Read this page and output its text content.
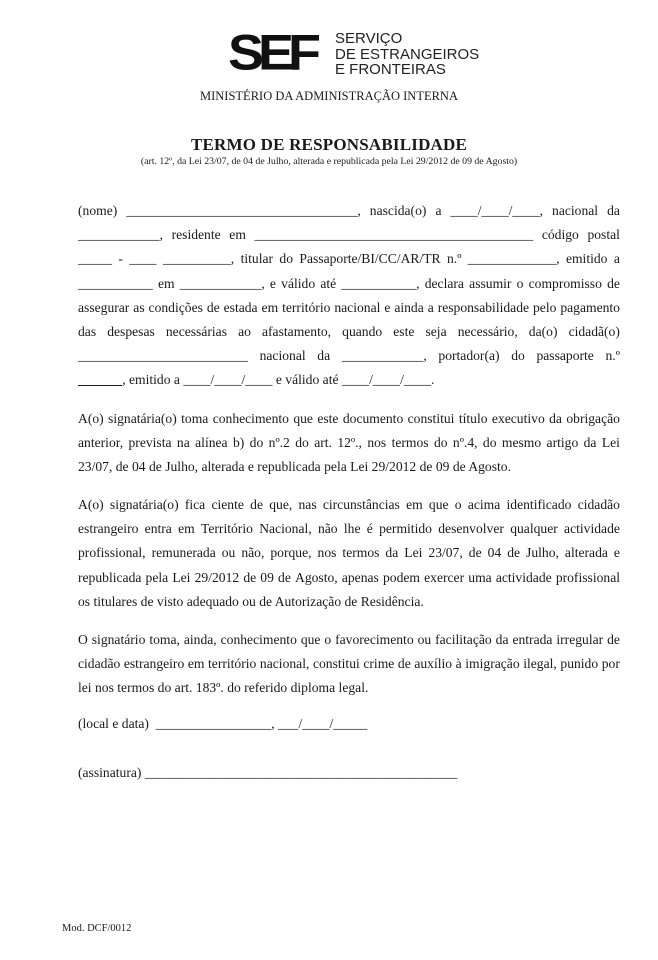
SEF SERVIÇO
DE ESTRANGEIROS
E FRONTEIRAS
MINISTÉRIO DA ADMINISTRAÇÃO INTERNA
TERMO DE RESPONSABILIDADE
(art. 12º, da Lei 23/07, de 04 de Julho, alterada e republicada pela Lei 29/2012 de 09 de Agosto)
(nome) __________________________________, nascida(o) a ____/____/____, nacional da
____________, residente em _________________________________________ código postal
_____ - ____ __________, titular do Passaporte/BI/CC/AR/TR n.º _____________, emitido a
___________ em ____________, e válido até ___________, declara assumir o compromisso de
assegurar as condições de estada em território nacional e ainda a responsabilidade pelo pagamento
das despesas necessárias ao afastamento, quando este seja necessário, da(o) cidadã(o)
_________________________ nacional da ____________, portador(a) do passaporte n.º

, emitido a ____/____/____ e válido até ____/____/____.
A(o) signatária(o) toma conhecimento que este documento constitui título executivo da obrigação
anterior, prevista na alínea b) do nº.2 do art. 12º., nos termos do nº.4, do mesmo artigo da Lei
23/07, de 04 de Julho, alterada e republicada pela Lei 29/2012 de 09 de Agosto.
A(o) signatária(o) fica ciente de que, nas circunstâncias em que o acima identificado cidadão
estrangeiro entra em Território Nacional, não lhe é permitido desenvolver qualquer actividade
profissional, remunerada ou não, porque, nos termos da Lei 23/07, de 04 de Julho, alterada e
republicada pela Lei 29/2012 de 09 de Agosto, apenas podem exercer uma actividade profissional
os titulares de visto adequado ou de Autorização de Residência.
O signatário toma, ainda, conhecimento que o favorecimento ou facilitação da entrada irregular de
cidadão estrangeiro em território nacional, constitui crime de auxílio à imigração ilegal, punido por
lei nos termos do art. 183º. do referido diploma legal.
(local e data)  _________________, ___/____/_____
(assinatura) ______________________________________________
Mod. DCF/0012
